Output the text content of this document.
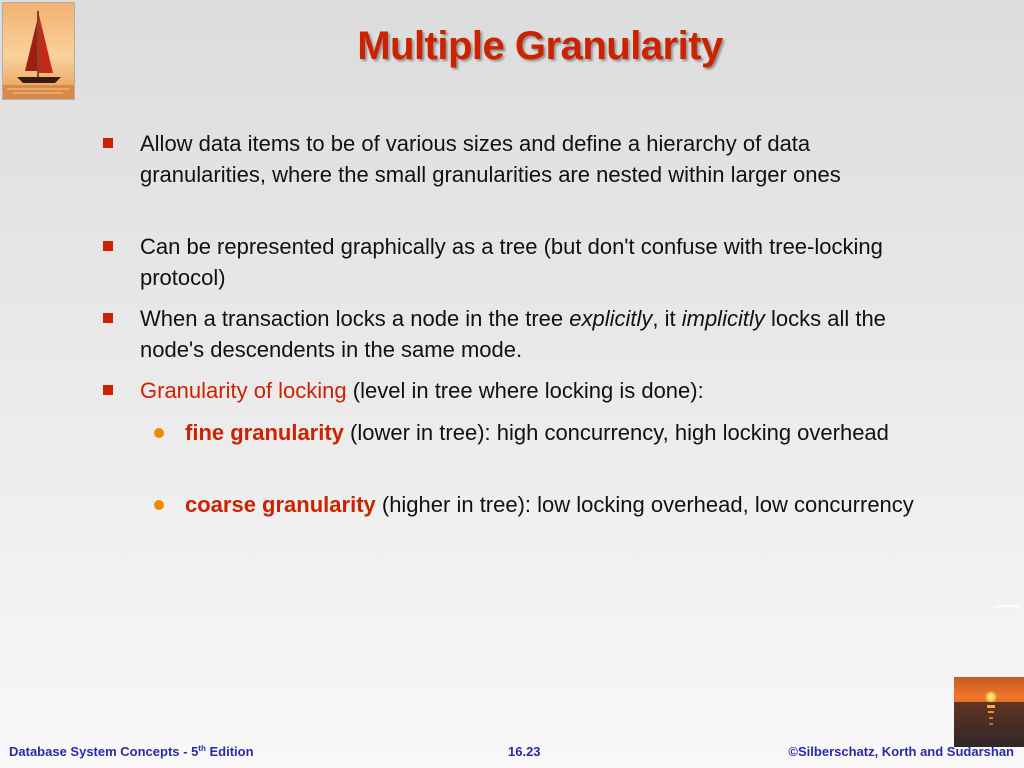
Multiple Granularity
Allow data items to be of various sizes and define a hierarchy of data granularities, where the small granularities are nested within larger ones
Can be represented graphically as a tree (but don't confuse with tree-locking protocol)
When a transaction locks a node in the tree explicitly, it implicitly locks all the node's descendents in the same mode.
Granularity of locking (level in tree where locking is done):
fine granularity (lower in tree): high concurrency, high locking overhead
coarse granularity (higher in tree): low locking overhead, low concurrency
Database System Concepts - 5th Edition	16.23	©Silberschatz, Korth and Sudarshan
